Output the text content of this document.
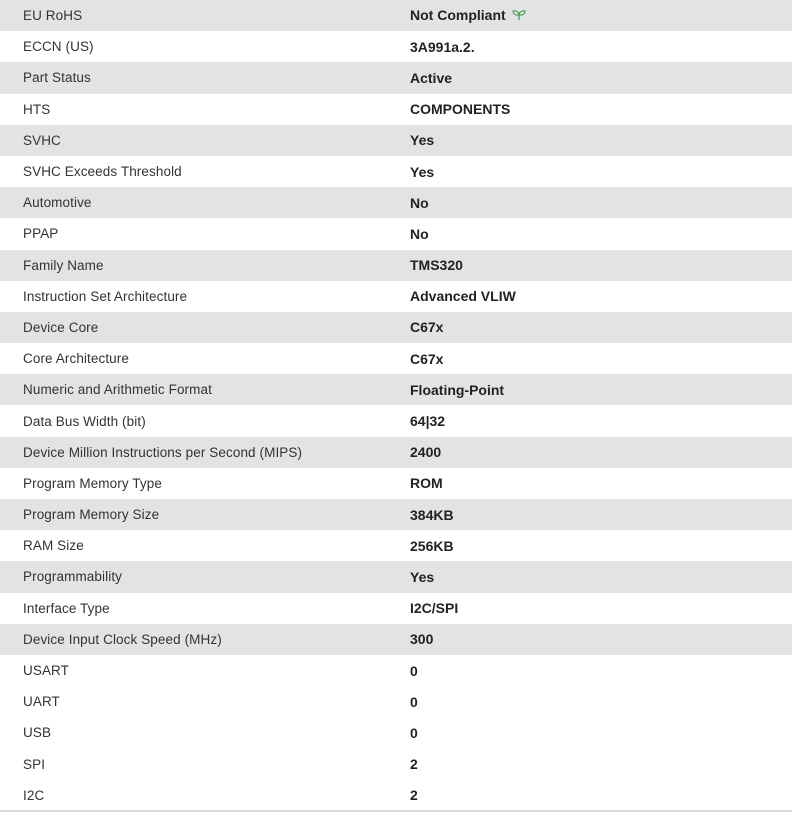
EU RoHS	Not Compliant
ECCN (US)	3A991a.2.
Part Status	Active
HTS	COMPONENTS
SVHC	Yes
SVHC Exceeds Threshold	Yes
Automotive	No
PPAP	No
Family Name	TMS320
Instruction Set Architecture	Advanced VLIW
Device Core	C67x
Core Architecture	C67x
Numeric and Arithmetic Format	Floating-Point
Data Bus Width (bit)	64|32
Device Million Instructions per Second (MIPS)	2400
Program Memory Type	ROM
Program Memory Size	384KB
RAM Size	256KB
Programmability	Yes
Interface Type	I2C/SPI
Device Input Clock Speed (MHz)	300
USART	0
UART	0
USB	0
SPI	2
I2C	2
